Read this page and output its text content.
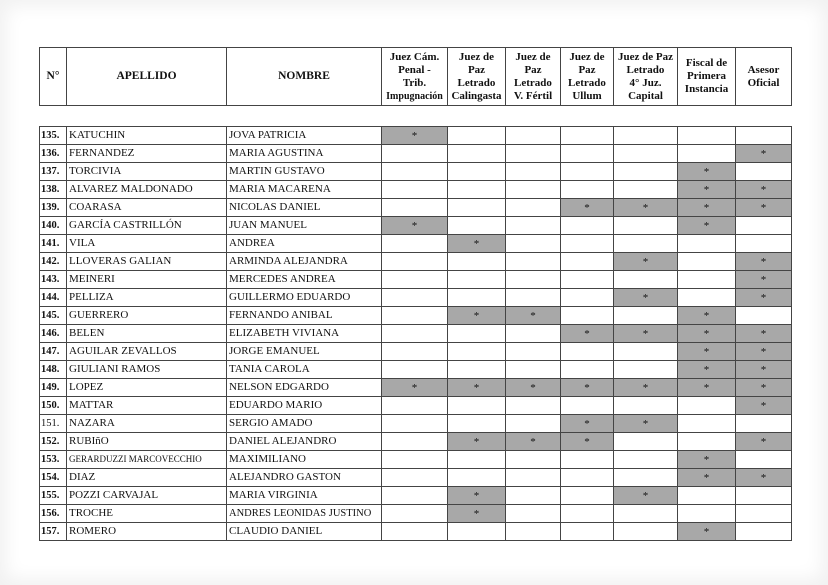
N°	APELLIDO	NOMBRE	
Juez Cám.
Penal -
Trib.
Impugnación

Juez de
Paz
Letrado
Calingasta

Juez de
Paz
Letrado
V. Fértil

Juez de
Paz
Letrado
Ullum

Juez de Paz
Letrado
4° Juz.
Capital

Fiscal de
Primera
Instancia

Asesor
Oficial
135.	KATUCHIN	JOVA PATRICIA	*						
136.	FERNANDEZ	MARIA AGUSTINA							*
137.	TORCIVIA	MARTIN GUSTAVO						*	
138.	ALVAREZ MALDONADO	MARIA MACARENA						*	*
139.	COARASA	NICOLAS DANIEL				*	*	*	*
140.	GARCÍA CASTRILLÓN	JUAN MANUEL	*					*	
141.	VILA	ANDREA		*					
142.	LLOVERAS GALIAN	ARMINDA ALEJANDRA					*		*
143.	MEINERI	MERCEDES ANDREA							*
144.	PELLIZA	GUILLERMO EDUARDO					*		*
145.	GUERRERO	FERNANDO ANIBAL		*	*			*	
146.	BELEN	ELIZABETH VIVIANA				*	*	*	*
147.	AGUILAR ZEVALLOS	JORGE EMANUEL						*	*
148.	GIULIANI RAMOS	TANIA CAROLA						*	*
149.	LOPEZ	NELSON EDGARDO	*	*	*	*	*	*	*
150.	MATTAR	EDUARDO MARIO							*
151.	NAZARA	SERGIO AMADO				*	*		
152.	RUBIñO	DANIEL ALEJANDRO		*	*	*			*
153.	GERARDUZZI MARCOVECCHIO	MAXIMILIANO						*	
154.	DIAZ	ALEJANDRO GASTON						*	*
155.	POZZI CARVAJAL	MARIA VIRGINIA		*			*		
156.	TROCHE	ANDRES LEONIDAS JUSTINO		*					
157.	ROMERO	CLAUDIO DANIEL						*	
